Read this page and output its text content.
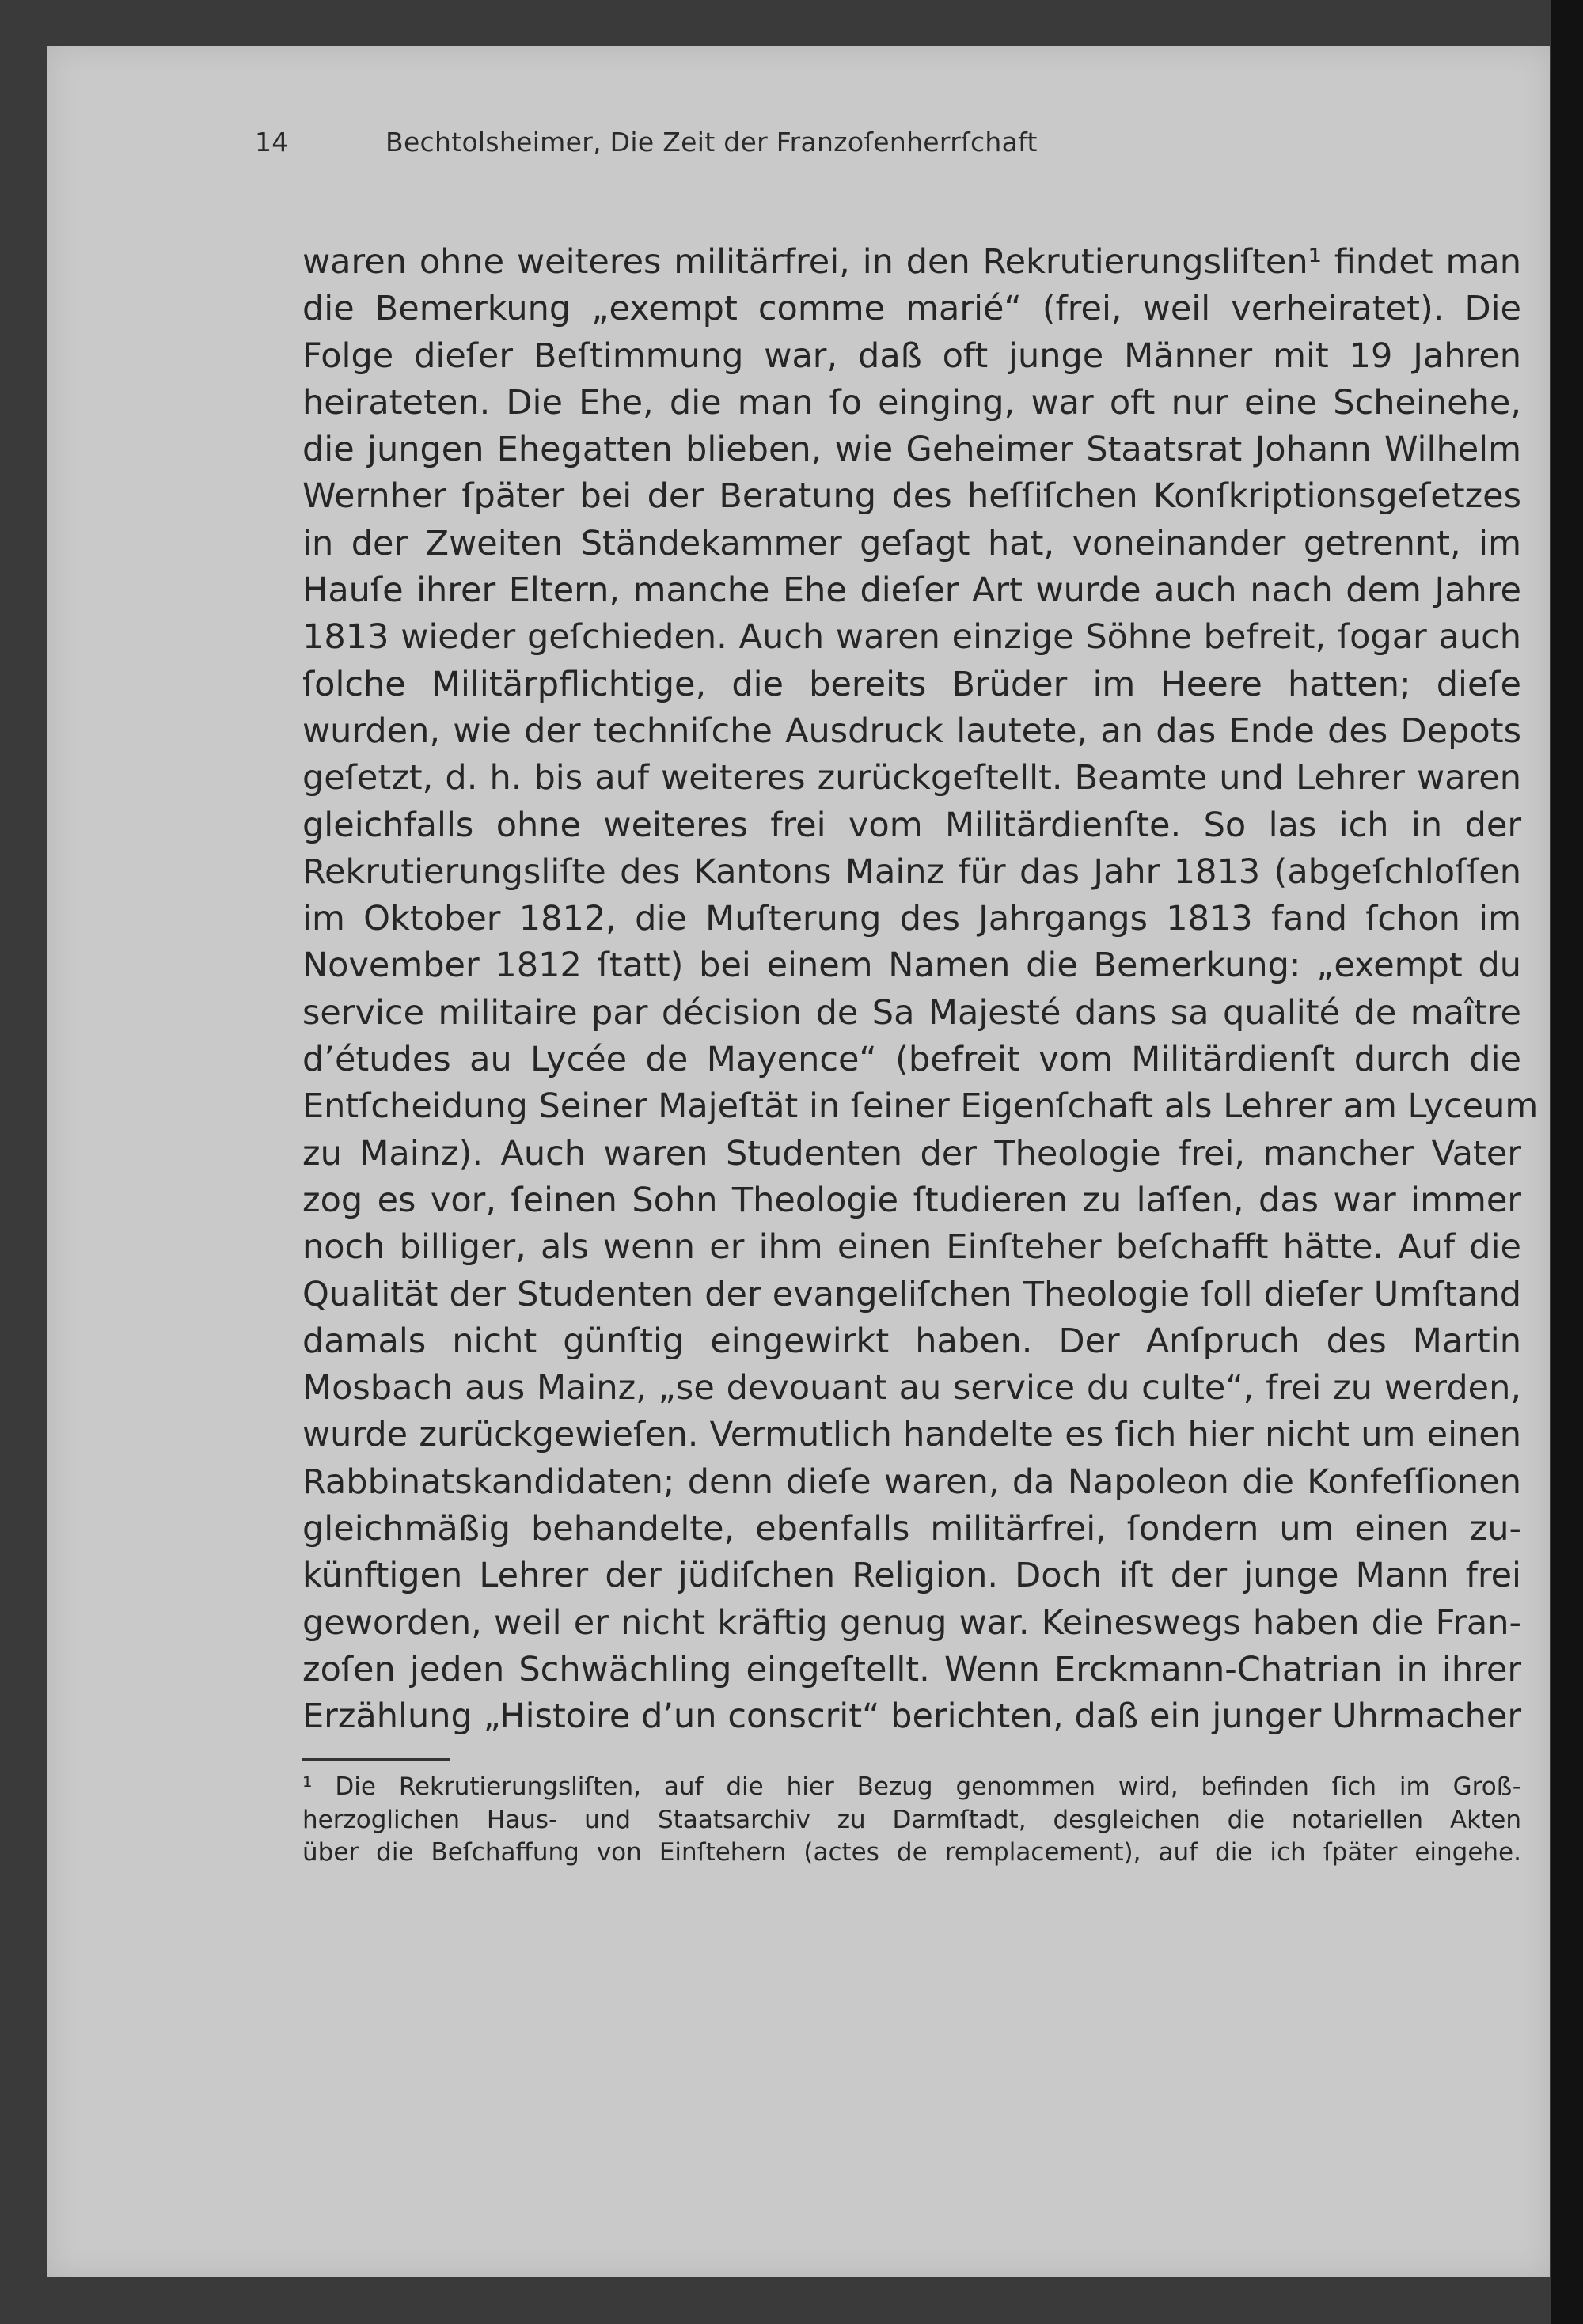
14	Bechtolsheimer, Die Zeit der Franzoſenherrſchaft
waren ohne weiteres militärfrei, in den Rekrutierungsliſten¹ findet man
die Bemerkung „exempt comme marié“ (frei, weil verheiratet). Die
Folge dieſer Beſtimmung war, daß oft junge Männer mit 19 Jahren
heirateten. Die Ehe, die man ſo einging, war oft nur eine Scheinehe,
die jungen Ehegatten blieben, wie Geheimer Staatsrat Johann Wilhelm
Wernher ſpäter bei der Beratung des heſſiſchen Konſkriptionsgeſetzes
in der Zweiten Ständekammer geſagt hat, voneinander getrennt, im
Hauſe ihrer Eltern, manche Ehe dieſer Art wurde auch nach dem Jahre
1813 wieder geſchieden. Auch waren einzige Söhne befreit, ſogar auch
ſolche Militärpflichtige, die bereits Brüder im Heere hatten; dieſe
wurden, wie der techniſche Ausdruck lautete, an das Ende des Depots
geſetzt, d. h. bis auf weiteres zurückgeſtellt. Beamte und Lehrer waren
gleichfalls ohne weiteres frei vom Militärdienſte. So las ich in der
Rekrutierungsliſte des Kantons Mainz für das Jahr 1813 (abgeſchloſſen
im Oktober 1812, die Muſterung des Jahrgangs 1813 fand ſchon im
November 1812 ſtatt) bei einem Namen die Bemerkung: „exempt du
service militaire par décision de Sa Majesté dans sa qualité de maître
d’études au Lycée de Mayence“ (befreit vom Militärdienſt durch die
Entſcheidung Seiner Majeſtät in ſeiner Eigenſchaft als Lehrer am Lyceum
zu Mainz). Auch waren Studenten der Theologie frei, mancher Vater
zog es vor, ſeinen Sohn Theologie ſtudieren zu laſſen, das war immer
noch billiger, als wenn er ihm einen Einſteher beſchafft hätte. Auf die
Qualität der Studenten der evangeliſchen Theologie ſoll dieſer Umſtand
damals nicht günſtig eingewirkt haben. Der Anſpruch des Martin
Mosbach aus Mainz, „se devouant au service du culte“, frei zu werden,
wurde zurückgewieſen. Vermutlich handelte es ſich hier nicht um einen
Rabbinatskandidaten; denn dieſe waren, da Napoleon die Konfeſſionen
gleichmäßig behandelte, ebenfalls militärfrei, ſondern um einen zu-
künftigen Lehrer der jüdiſchen Religion. Doch iſt der junge Mann frei
geworden, weil er nicht kräftig genug war. Keineswegs haben die Fran-
zoſen jeden Schwächling eingeſtellt. Wenn Erckmann-Chatrian in ihrer
Erzählung „Histoire d’un conscrit“ berichten, daß ein junger Uhrmacher
¹ Die Rekrutierungsliſten, auf die hier Bezug genommen wird, befinden ſich im Groß-
herzoglichen Haus- und Staatsarchiv zu Darmſtadt, desgleichen die notariellen Akten
über die Beſchaffung von Einſtehern (actes de remplacement), auf die ich ſpäter eingehe.
